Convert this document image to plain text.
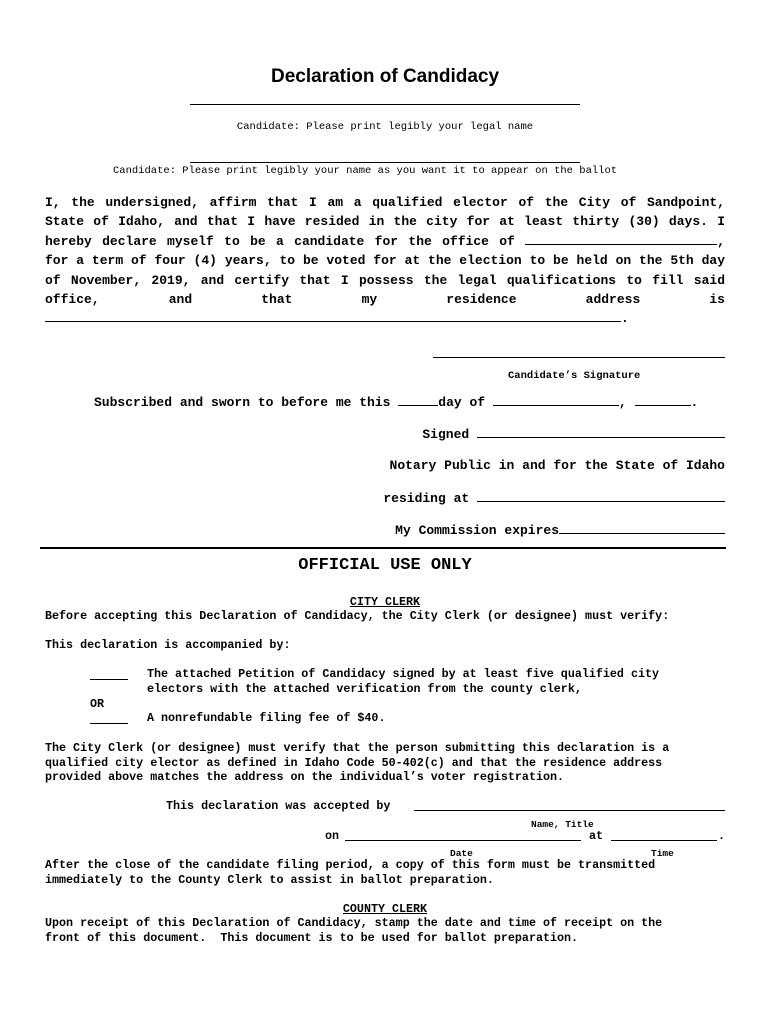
Declaration of Candidacy
Candidate: Please print legibly your legal name
Candidate: Please print legibly your name as you want it to appear on the ballot
I, the undersigned, affirm that I am a qualified elector of the City of Sandpoint, State of Idaho, and that I have resided in the city for at least thirty (30) days. I hereby declare myself to be a candidate for the office of	, for a term of four (4) years, to be voted for at the election to be held on the 5th day of November, 2019, and certify that I possess the legal qualifications to fill said office, and that my residence address	is .
Candidate’s Signature
Subscribed and sworn to before me this	day of	,	.
Signed
Notary Public in and for the State of Idaho
residing at
My Commission expires
OFFICIAL USE ONLY
CITY CLERK
Before accepting this Declaration of Candidacy, the City Clerk (or designee) must verify:
This declaration is accompanied by:
The attached Petition of Candidacy signed by at least five qualified city
electors with the attached verification from the county clerk,
OR
A nonrefundable filing fee of $40.
The City Clerk (or designee) must verify that the person submitting this declaration is a
qualified city elector as defined in Idaho Code 50-402(c) and that the residence address
provided above matches the address on the individual’s voter registration.
This declaration was accepted by
Name, Title
on	at	.
Date	Time
After the close of the candidate filing period, a copy of this form must be transmitted
immediately to the County Clerk to assist in ballot preparation.
COUNTY CLERK
Upon receipt of this Declaration of Candidacy, stamp the date and time of receipt on the
front of this document.  This document is to be used for ballot preparation.
